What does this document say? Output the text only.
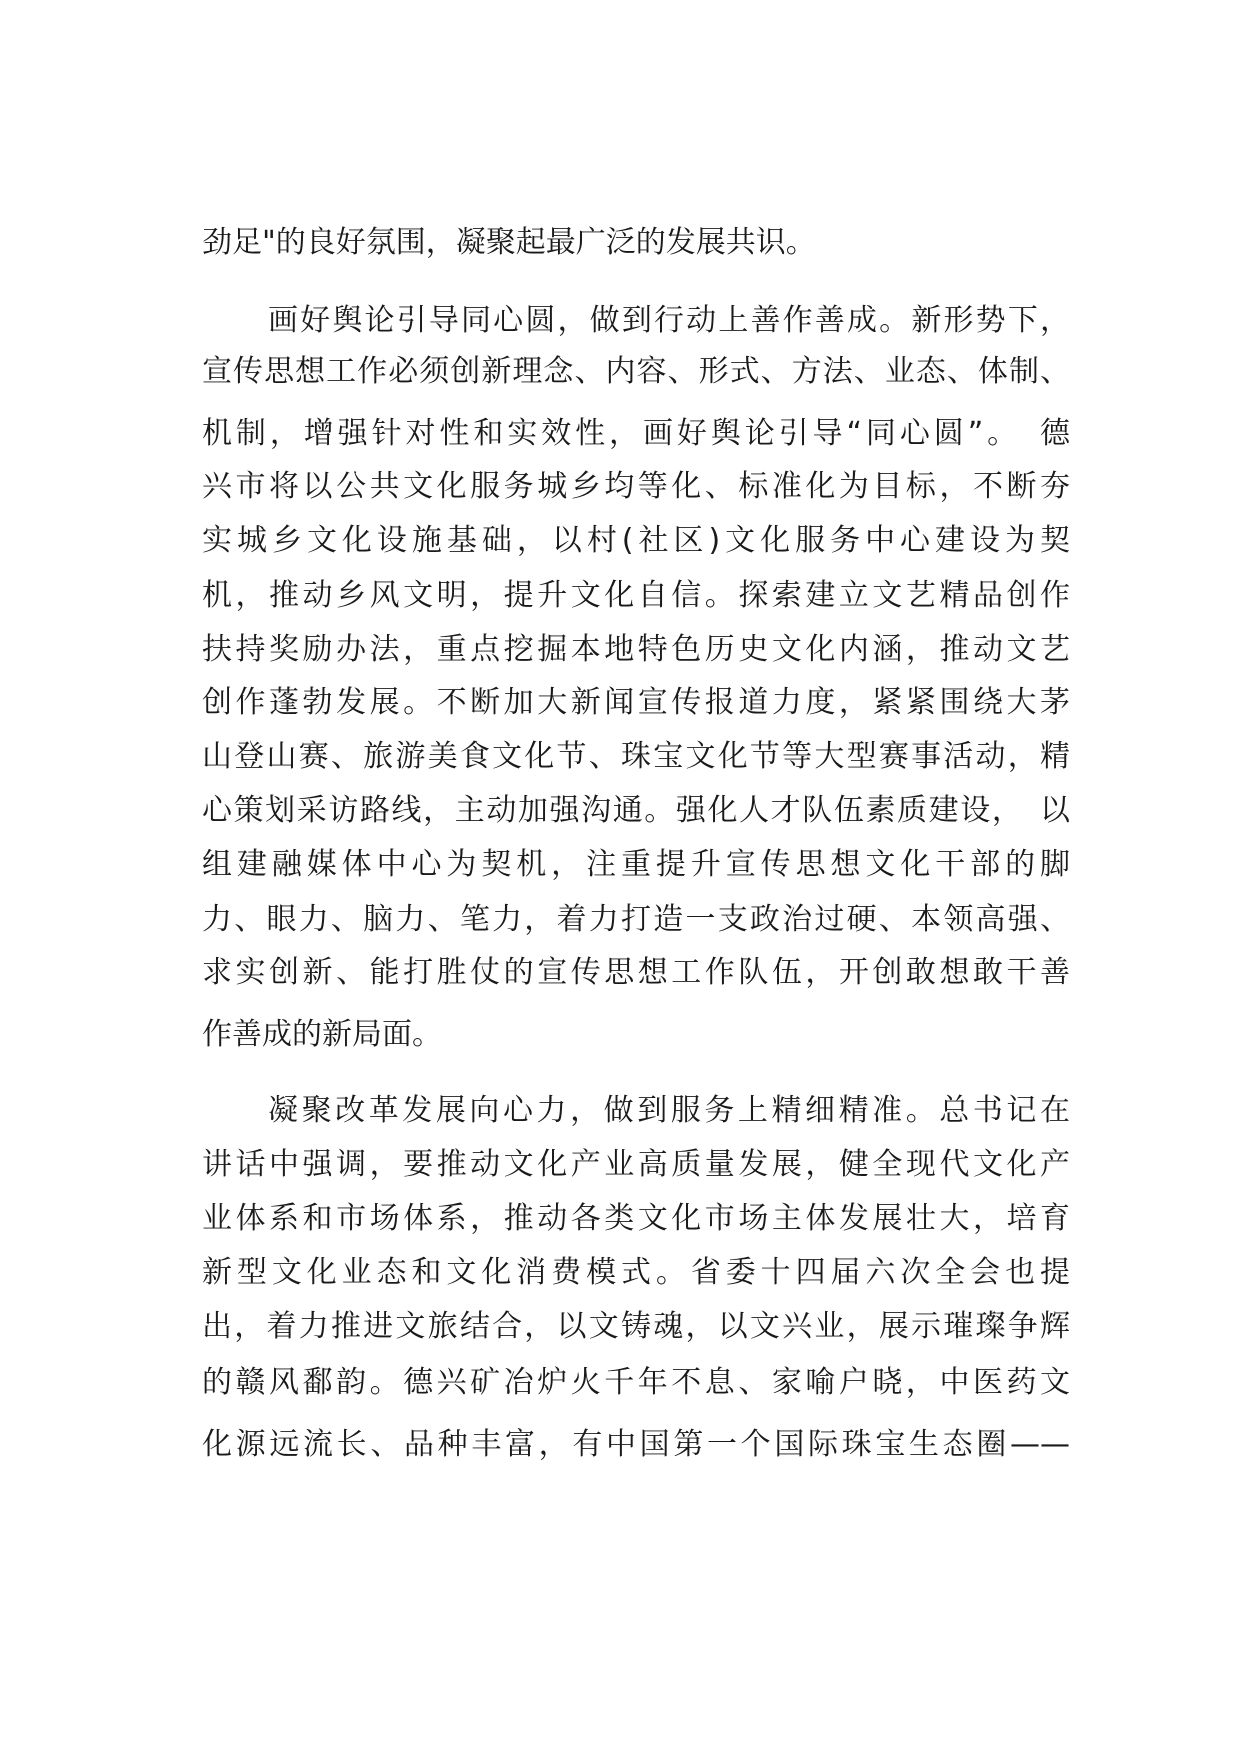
劲足"的良好氛围，凝聚起最广泛的发展共识。
画好舆论引导同心圆，做到行动上善作善成。新形势下，
宣传思想工作必须创新理念、内容、形式、方法、业态、体制、
机制，增强针对性和实效性，画好舆论引导“同心圆”。　德
兴市将以公共文化服务城乡均等化、标准化为目标，不断夯
实城乡文化设施基础，以村(社区)文化服务中心建设为契
机，推动乡风文明，提升文化自信。探索建立文艺精品创作
扶持奖励办法，重点挖掘本地特色历史文化内涵，推动文艺
创作蓬勃发展。不断加大新闻宣传报道力度，紧紧围绕大茅
山登山赛、旅游美食文化节、珠宝文化节等大型赛事活动，精
心策划采访路线，主动加强沟通。强化人才队伍素质建设，　以
组建融媒体中心为契机，注重提升宣传思想文化干部的脚
力、眼力、脑力、笔力，着力打造一支政治过硬、本领高强、
求实创新、能打胜仗的宣传思想工作队伍，开创敢想敢干善
作善成的新局面。
凝聚改革发展向心力，做到服务上精细精准。总书记在
讲话中强调，要推动文化产业高质量发展，健全现代文化产
业体系和市场体系，推动各类文化市场主体发展壮大，培育
新型文化业态和文化消费模式。省委十四届六次全会也提
出，着力推进文旅结合，以文铸魂，以文兴业，展示璀璨争辉
的赣风鄱韵。德兴矿冶炉火千年不息、家喻户晓，中医药文
化源远流长、品种丰富，有中国第一个国际珠宝生态圈——
